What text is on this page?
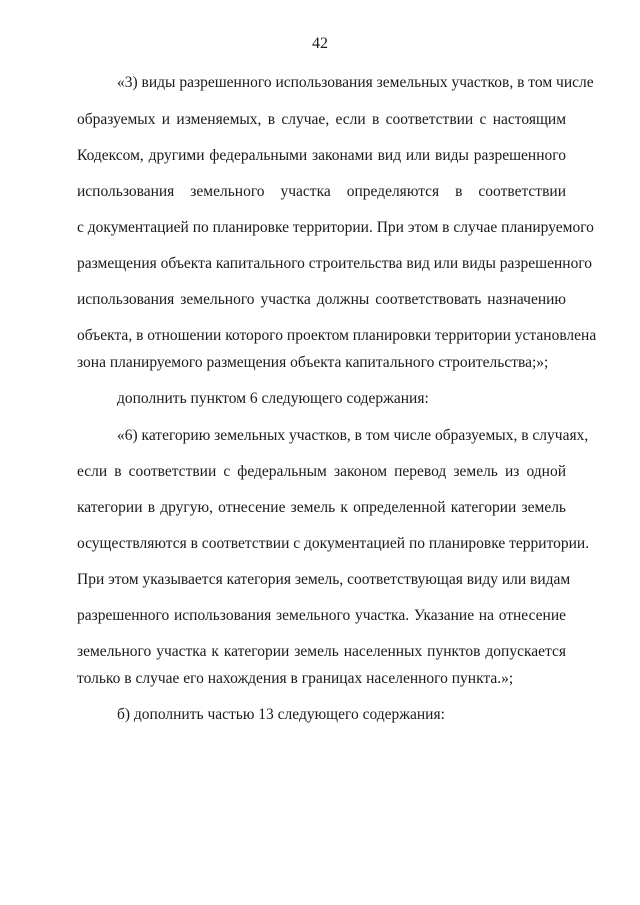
42
«3) виды разрешенного использования земельных участков, в том числе
образуемых и изменяемых, в случае, если в соответствии с настоящим
Кодексом, другими федеральными законами вид или виды разрешенного
использования земельного участка определяются в соответствии
с документацией по планировке территории. При этом в случае планируемого
размещения объекта капитального строительства вид или виды разрешенного
использования земельного участка должны соответствовать назначению
объекта, в отношении которого проектом планировки территории установлена
зона планируемого размещения объекта капитального строительства;»;
дополнить пунктом 6 следующего содержания:
«6) категорию земельных участков, в том числе образуемых, в случаях,
если в соответствии с федеральным законом перевод земель из одной
категории в другую, отнесение земель к определенной категории земель
осуществляются в соответствии с документацией по планировке территории.
При этом указывается категория земель, соответствующая виду или видам
разрешенного использования земельного участка. Указание на отнесение
земельного участка к категории земель населенных пунктов допускается
только в случае его нахождения в границах населенного пункта.»;
б) дополнить частью 13 следующего содержания:
